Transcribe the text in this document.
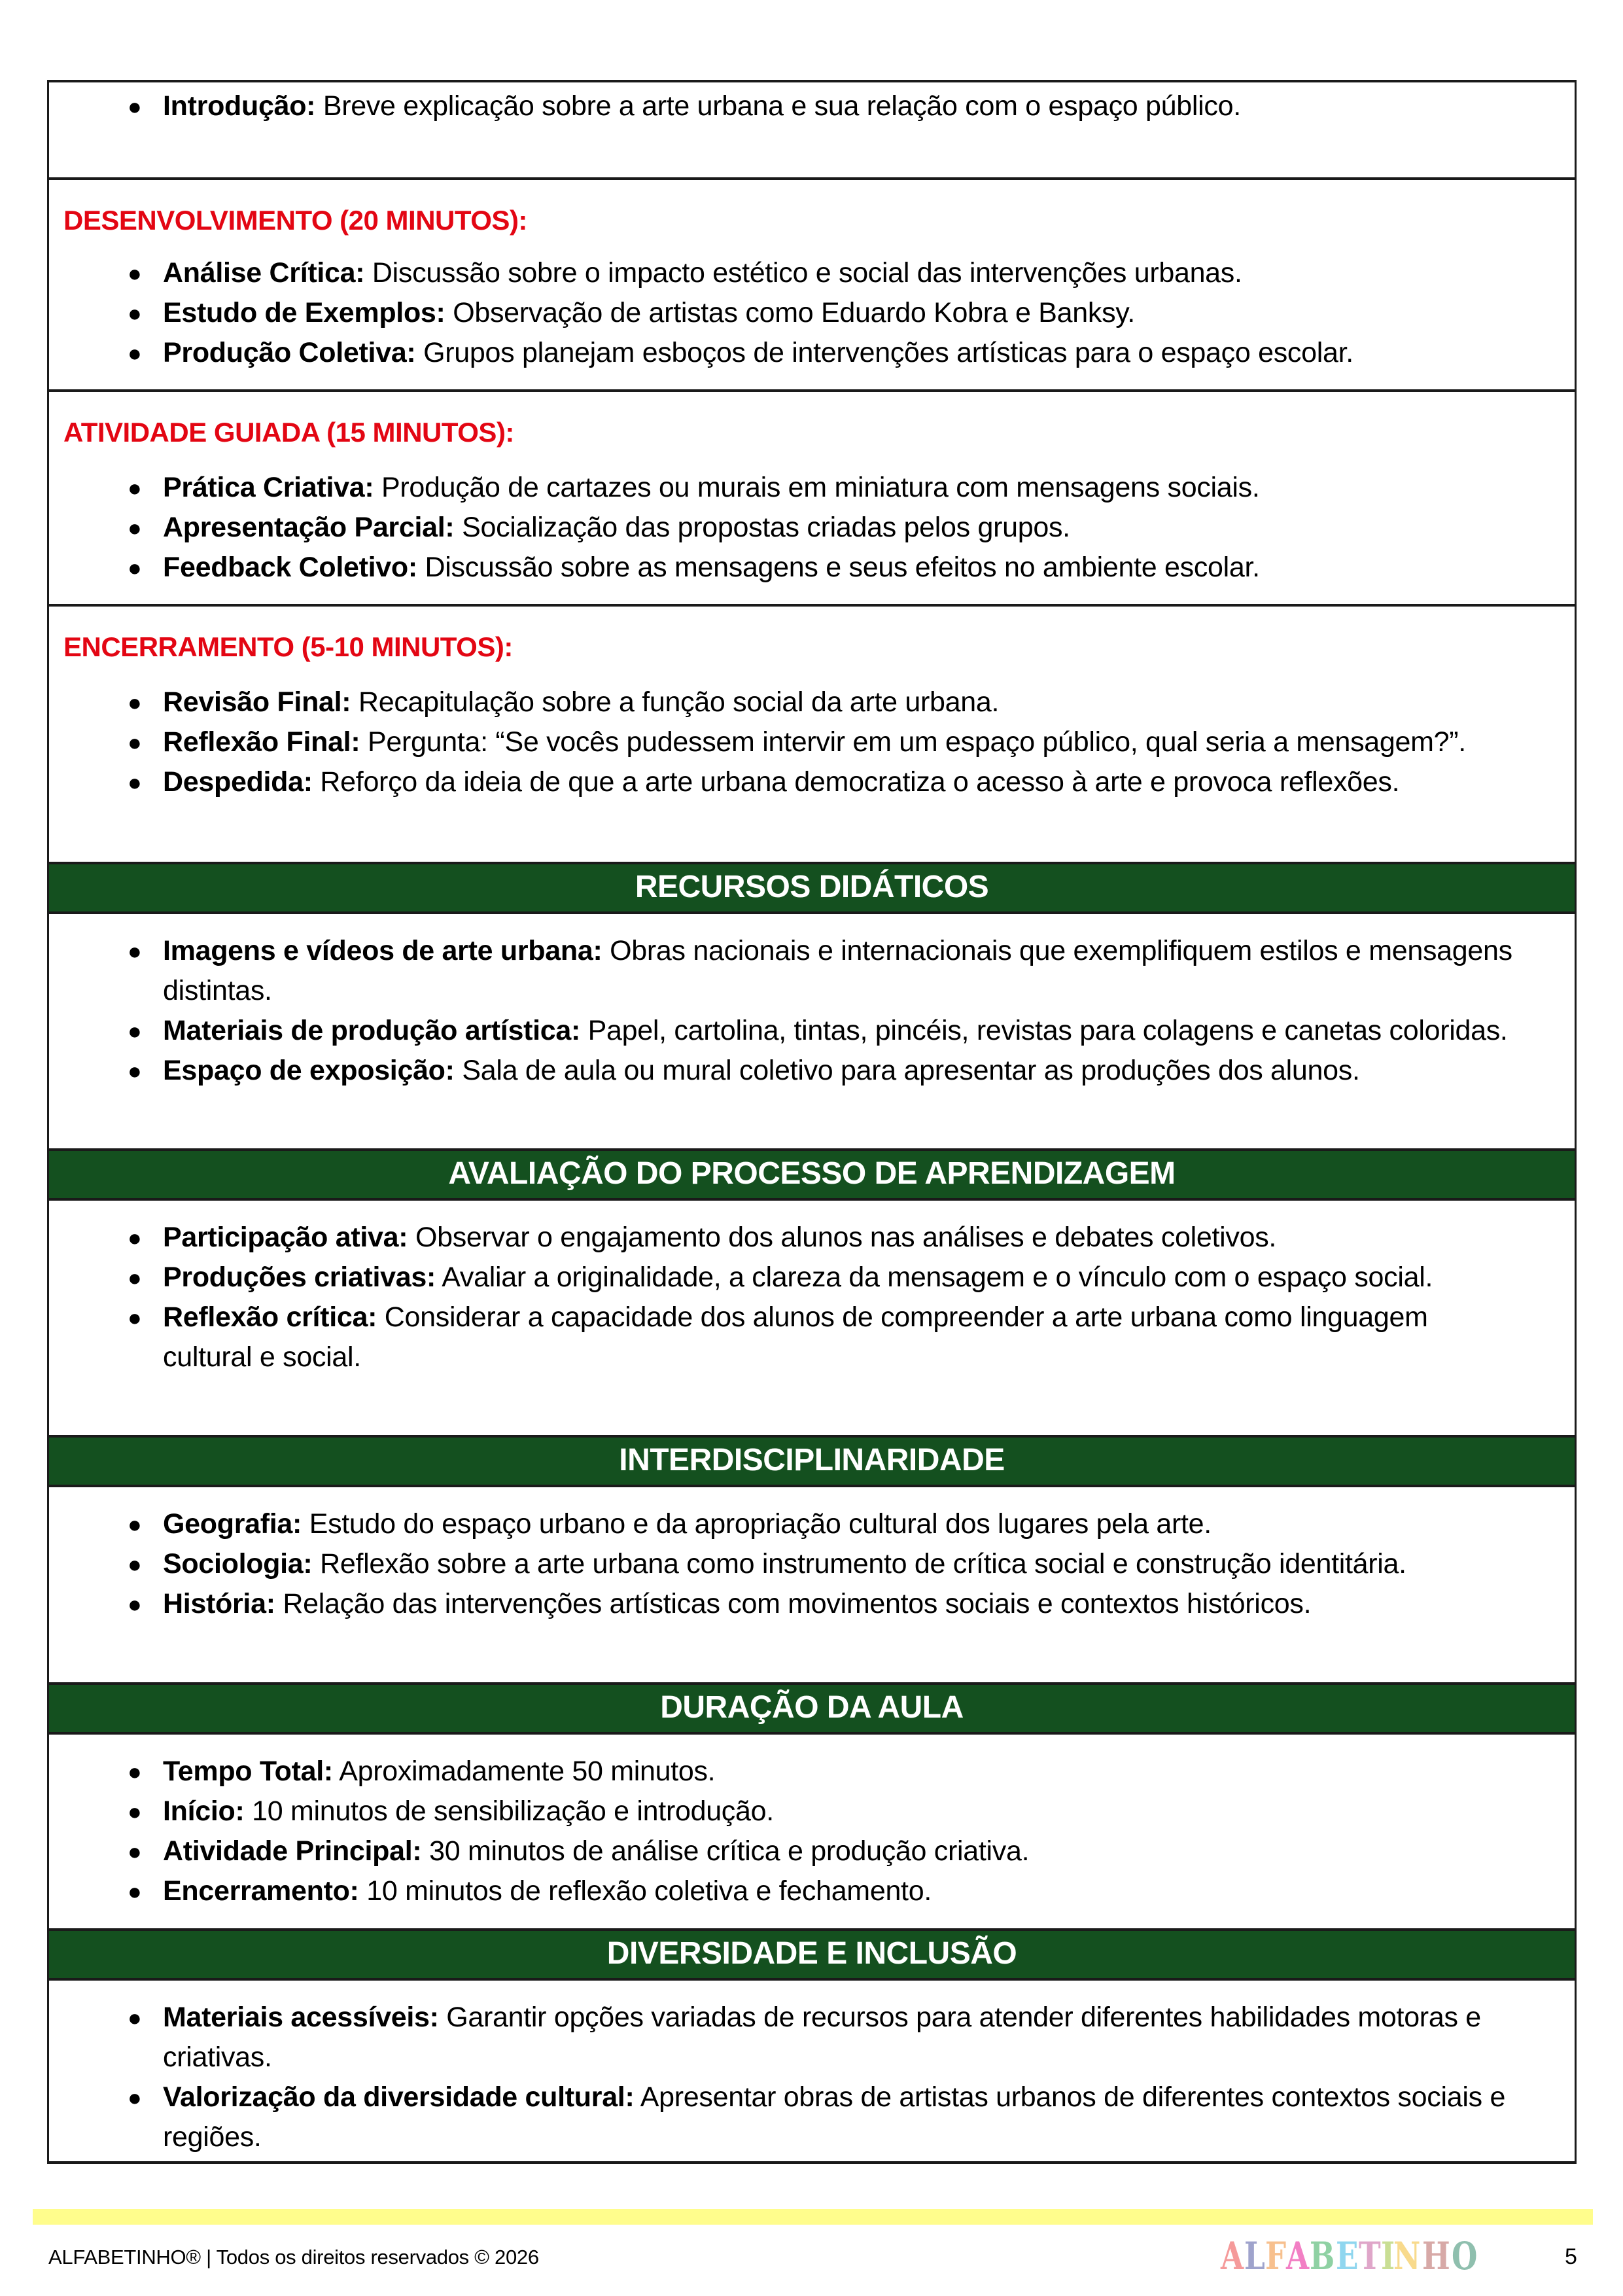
● Introdução: Breve explicação sobre a arte urbana e sua relação com o espaço público.
DESENVOLVIMENTO (20 MINUTOS):
● Análise Crítica: Discussão sobre o impacto estético e social das intervenções urbanas.
● Estudo de Exemplos: Observação de artistas como Eduardo Kobra e Banksy.
● Produção Coletiva: Grupos planejam esboços de intervenções artísticas para o espaço escolar.
ATIVIDADE GUIADA (15 MINUTOS):
● Prática Criativa: Produção de cartazes ou murais em miniatura com mensagens sociais.
● Apresentação Parcial: Socialização das propostas criadas pelos grupos.
● Feedback Coletivo: Discussão sobre as mensagens e seus efeitos no ambiente escolar.
ENCERRAMENTO (5-10 MINUTOS):
● Revisão Final: Recapitulação sobre a função social da arte urbana.
● Reflexão Final: Pergunta: “Se vocês pudessem intervir em um espaço público, qual seria a mensagem?”.
● Despedida: Reforço da ideia de que a arte urbana democratiza o acesso à arte e provoca reflexões.
RECURSOS DIDÁTICOS
● Imagens e vídeos de arte urbana: Obras nacionais e internacionais que exemplifiquem estilos e mensagens distintas.
● Materiais de produção artística: Papel, cartolina, tintas, pincéis, revistas para colagens e canetas coloridas.
● Espaço de exposição: Sala de aula ou mural coletivo para apresentar as produções dos alunos.
AVALIAÇÃO DO PROCESSO DE APRENDIZAGEM
● Participação ativa: Observar o engajamento dos alunos nas análises e debates coletivos.
● Produções criativas: Avaliar a originalidade, a clareza da mensagem e o vínculo com o espaço social.
● Reflexão crítica: Considerar a capacidade dos alunos de compreender a arte urbana como linguagem cultural e social.
INTERDISCIPLINARIDADE
● Geografia: Estudo do espaço urbano e da apropriação cultural dos lugares pela arte.
● Sociologia: Reflexão sobre a arte urbana como instrumento de crítica social e construção identitária.
● História: Relação das intervenções artísticas com movimentos sociais e contextos históricos.
DURAÇÃO DA AULA
● Tempo Total: Aproximadamente 50 minutos.
● Início: 10 minutos de sensibilização e introdução.
● Atividade Principal: 30 minutos de análise crítica e produção criativa.
● Encerramento: 10 minutos de reflexão coletiva e fechamento.
DIVERSIDADE E INCLUSÃO
● Materiais acessíveis: Garantir opções variadas de recursos para atender diferentes habilidades motoras e criativas.
● Valorização da diversidade cultural: Apresentar obras de artistas urbanos de diferentes contextos sociais e regiões.
ALFABETINHO® | Todos os direitos reservados © 2026	ALFABETINHO	5
